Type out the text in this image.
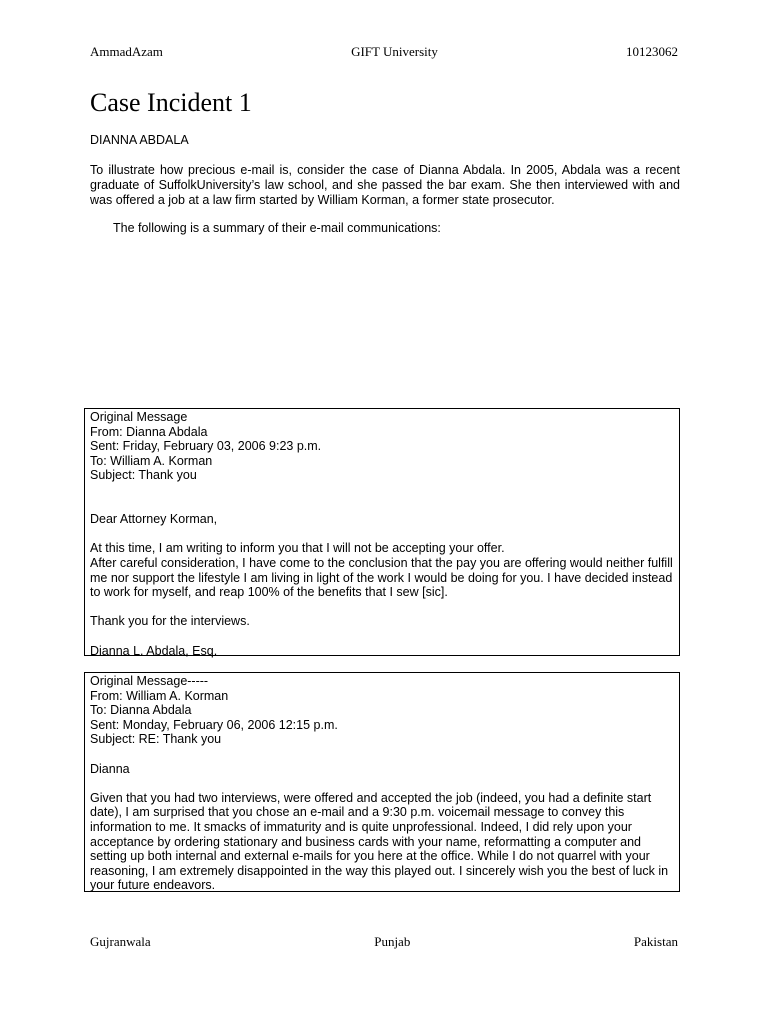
AmmadAzam	GIFT University	10123062
Case Incident 1
DIANNA ABDALA

To illustrate how precious e-mail is, consider the case of Dianna Abdala. In 2005, Abdala was a recent graduate of SuffolkUniversity’s law school, and she passed the bar exam. She then interviewed with and was offered a job at a law firm started by William Korman, a former state prosecutor.

The following is a summary of their e-mail communications:
Original Message
From: Dianna Abdala
Sent: Friday, February 03, 2006 9:23 p.m.
To: William A. Korman
Subject: Thank you
Dear Attorney Korman,
At this time, I am writing to inform you that I will not be accepting your offer.
After careful consideration, I have come to the conclusion that the pay you are offering would neither fulfill me nor support the lifestyle I am living in light of the work I would be doing for you. I have decided instead to work for myself, and reap 100% of the benefits that I sew [sic].
Thank you for the interviews.
Dianna L. Abdala, Esq.
Original Message-----
From: William A. Korman
To: Dianna Abdala
Sent: Monday, February 06, 2006 12:15 p.m.
Subject: RE: Thank you
Dianna
Given that you had two interviews, were offered and accepted the job (indeed, you had a definite start date), I am surprised that you chose an e-mail and a 9:30 p.m. voicemail message to convey this information to me. It smacks of immaturity and is quite unprofessional. Indeed, I did rely upon your acceptance by ordering stationary and business cards with your name, reformatting a computer and setting up both internal and external e-mails for you here at the office. While I do not quarrel with your reasoning, I am extremely disappointed in the way this played out. I sincerely wish you the best of luck in your future endeavors.
Gujranwala	Punjab	Pakistan
